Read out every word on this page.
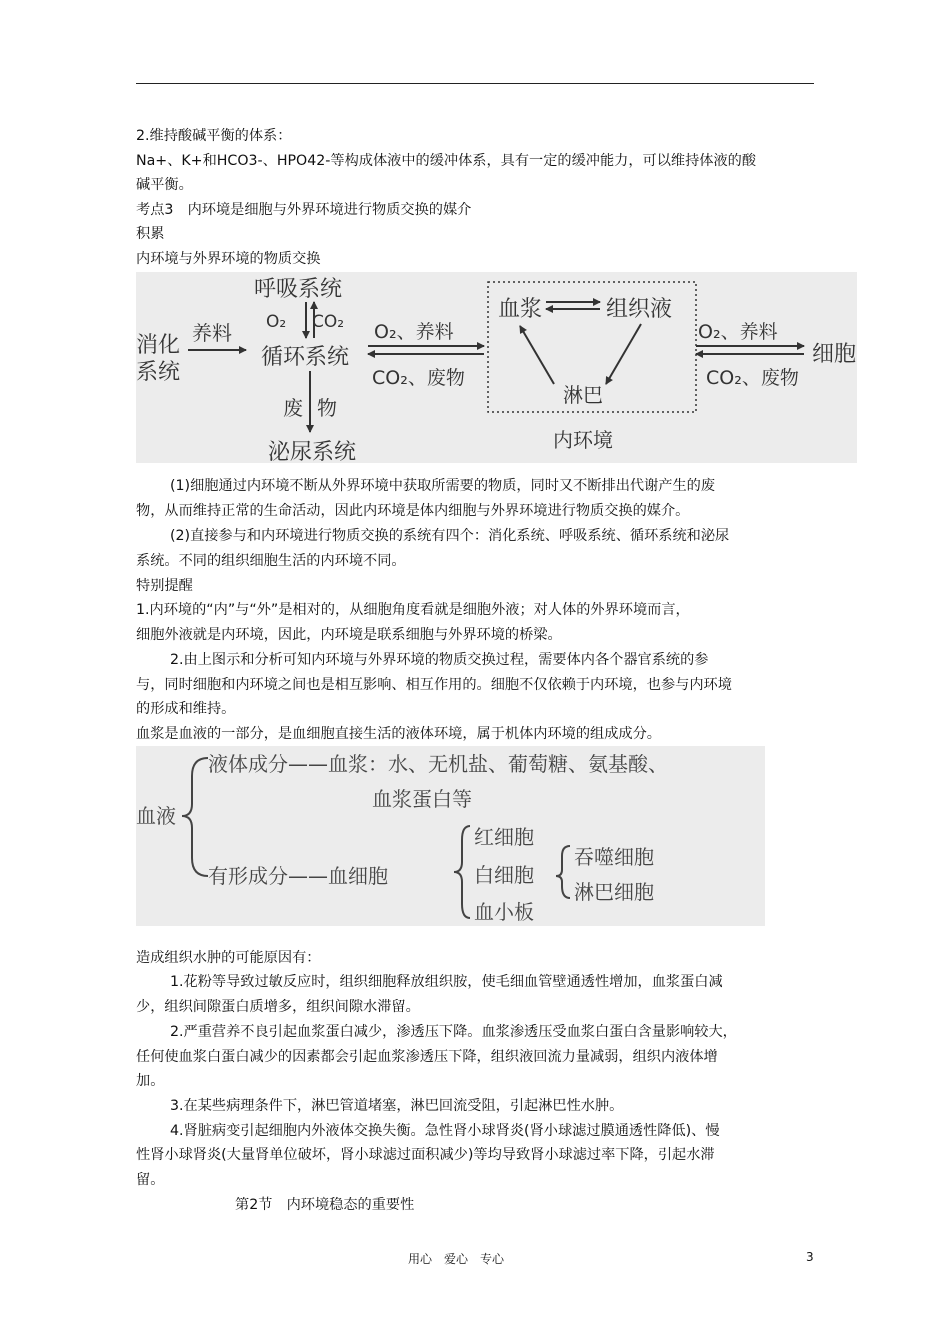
2.维持酸碱平衡的体系：
Na+、K+和HCO3-、HPO42-等构成体液中的缓冲体系，具有一定的缓冲能力，可以维持体液的酸
碱平衡。
考点3　内环境是细胞与外界环境进行物质交换的媒介
积累
内环境与外界环境的物质交换
消化
系统
养料
呼吸系统
O₂ CO₂
循环系统
废 物
泌尿系统
O₂、养料
CO₂、废物
血浆	组织液
淋巴
内环境
O₂、养料
CO₂、废物
细胞
(1)细胞通过内环境不断从外界环境中获取所需要的物质，同时又不断排出代谢产生的废
物，从而维持正常的生命活动，因此内环境是体内细胞与外界环境进行物质交换的媒介。
(2)直接参与和内环境进行物质交换的系统有四个：消化系统、呼吸系统、循环系统和泌尿
系统。不同的组织细胞生活的内环境不同。
特别提醒
1.内环境的“内”与“外”是相对的，从细胞角度看就是细胞外液；对人体的外界环境而言，
细胞外液就是内环境，因此，内环境是联系细胞与外界环境的桥梁。
2.由上图示和分析可知内环境与外界环境的物质交换过程，需要体内各个器官系统的参
与，同时细胞和内环境之间也是相互影响、相互作用的。细胞不仅依赖于内环境，也参与内环境
的形成和维持。
血浆是血液的一部分，是血细胞直接生活的液体环境，属于机体内环境的组成成分。
血液
液体成分——血浆：水、无机盐、葡萄糖、氨基酸、
血浆蛋白等
有形成分——血细胞
红细胞
白细胞
血小板
吞噬细胞
淋巴细胞
造成组织水肿的可能原因有：
1.花粉等导致过敏反应时，组织细胞释放组织胺，使毛细血管壁通透性增加，血浆蛋白减
少，组织间隙蛋白质增多，组织间隙水滞留。
2.严重营养不良引起血浆蛋白减少，渗透压下降。血浆渗透压受血浆白蛋白含量影响较大，
任何使血浆白蛋白减少的因素都会引起血浆渗透压下降，组织液回流力量减弱，组织内液体增
加。
3.在某些病理条件下，淋巴管道堵塞，淋巴回流受阻，引起淋巴性水肿。
4.肾脏病变引起细胞内外液体交换失衡。急性肾小球肾炎(肾小球滤过膜通透性降低)、慢
性肾小球肾炎(大量肾单位破坏，肾小球滤过面积减少)等均导致肾小球滤过率下降，引起水滞
留。
第2节　内环境稳态的重要性
用心　爱心　专心	3
